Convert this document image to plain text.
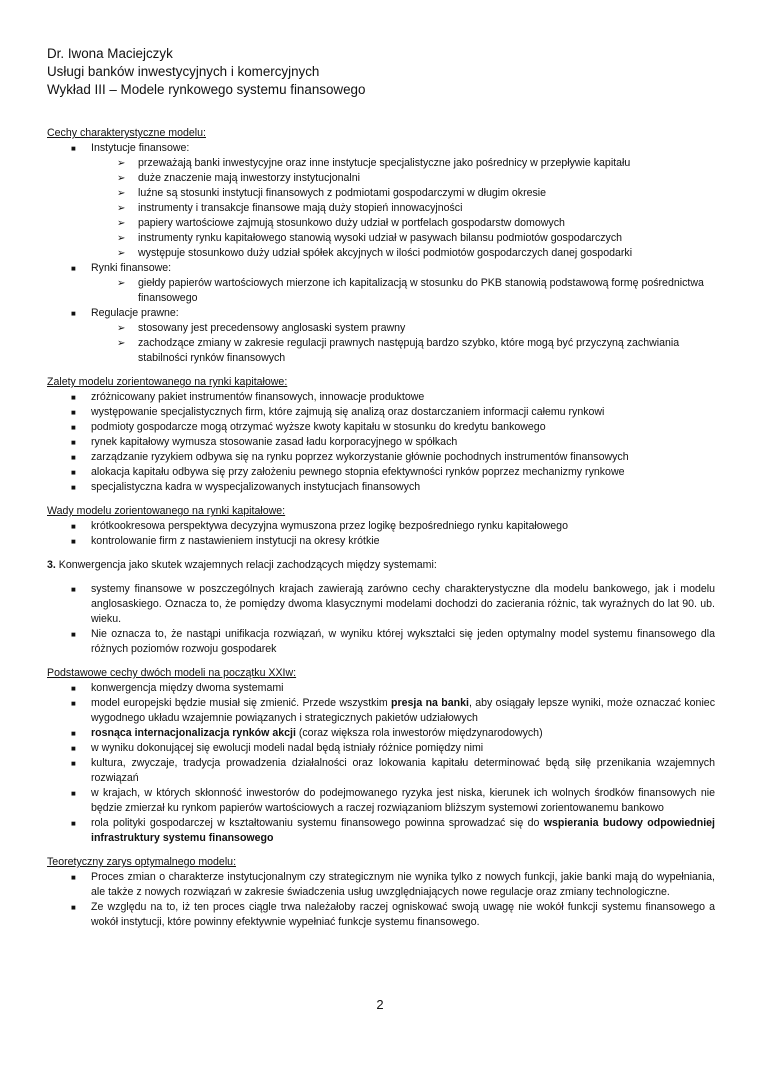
Dr. Iwona Maciejczyk
Usługi banków inwestycyjnych i komercyjnych
Wykład III – Modele rynkowego systemu finansowego
Cechy charakterystyczne modelu:
■ Instytucje finansowe:
➢ przeważają banki inwestycyjne oraz inne instytucje specjalistyczne jako pośrednicy w przepływie kapitału
➢ duże znaczenie mają inwestorzy instytucjonalni
➢ luźne są stosunki instytucji finansowych z podmiotami gospodarczymi w długim okresie
➢ instrumenty i transakcje finansowe mają duży stopień innowacyjności
➢ papiery wartościowe zajmują stosunkowo duży udział w portfelach gospodarstw domowych
➢ instrumenty rynku kapitałowego stanowią wysoki udział w pasywach bilansu podmiotów gospodarczych
➢ występuje stosunkowo duży udział spółek akcyjnych w ilości podmiotów gospodarczych danej gospodarki
■ Rynki finansowe:
➢ giełdy papierów wartościowych mierzone ich kapitalizacją w stosunku do PKB stanowią podstawową formę pośrednictwa finansowego
■ Regulacje prawne:
➢ stosowany jest precedensowy anglosaski system prawny
➢ zachodzące zmiany w zakresie regulacji prawnych następują bardzo szybko, które mogą być przyczyną zachwiania stabilności rynków finansowych
Zalety modelu zorientowanego na rynki kapitałowe:
■ zróżnicowany pakiet instrumentów finansowych, innowacje produktowe
■ występowanie specjalistycznych firm, które zajmują się analizą oraz dostarczaniem informacji całemu rynkowi
■ podmioty gospodarcze mogą otrzymać wyższe kwoty kapitału w stosunku do kredytu bankowego
■ rynek kapitałowy wymusza stosowanie zasad ładu korporacyjnego w spółkach
■ zarządzanie ryzykiem odbywa się na rynku poprzez wykorzystanie głównie pochodnych instrumentów finansowych
■ alokacja kapitału odbywa się przy założeniu pewnego stopnia efektywności rynków poprzez mechanizmy rynkowe
■ specjalistyczna kadra w wyspecjalizowanych instytucjach finansowych
Wady modelu zorientowanego na rynki kapitałowe:
■ krótkookresowa perspektywa decyzyjna wymuszona przez logikę bezpośredniego rynku kapitałowego
■ kontrolowanie firm z nastawieniem instytucji na okresy krótkie
3. Konwergencja jako skutek wzajemnych relacji zachodzących między systemami:
■ systemy finansowe w poszczególnych krajach zawierają zarówno cechy charakterystyczne dla modelu bankowego, jak i modelu anglosaskiego. Oznacza to, że pomiędzy dwoma klasycznymi modelami dochodzi do zacierania różnic, tak wyraźnych do lat 90. ub. wieku.
■ Nie oznacza to, że nastąpi unifikacja rozwiązań, w wyniku której wykształci się jeden optymalny model systemu finansowego dla różnych poziomów rozwoju gospodarek
Podstawowe cechy dwóch modeli na początku XXIw:
■ konwergencja między dwoma systemami
■ model europejski będzie musiał się zmienić. Przede wszystkim presja na banki, aby osiągały lepsze wyniki, może oznaczać koniec wygodnego układu wzajemnie powiązanych i strategicznych pakietów udziałowych
■ rosnąca internacjonalizacja rynków akcji (coraz większa rola inwestorów międzynarodowych)
■ w wyniku dokonującej się ewolucji modeli nadal będą istniały różnice pomiędzy nimi
■ kultura, zwyczaje, tradycja prowadzenia działalności oraz lokowania kapitału determinować będą siłę przenikania wzajemnych rozwiązań
■ w krajach, w których skłonność inwestorów do podejmowanego ryzyka jest niska, kierunek ich wolnych środków finansowych nie będzie zmierzał ku rynkom papierów wartościowych a raczej rozwiązaniom bliższym systemowi zorientowanemu bankowo
■ rola polityki gospodarczej w kształtowaniu systemu finansowego powinna sprowadzać się do wspierania budowy odpowiedniej infrastruktury systemu finansowego
Teoretyczny zarys optymalnego modelu:
■ Proces zmian o charakterze instytucjonalnym czy strategicznym nie wynika tylko z nowych funkcji, jakie banki mają do wypełniania, ale także z nowych rozwiązań w zakresie świadczenia usług uwzględniających nowe regulacje oraz zmiany technologiczne.
■ Ze względu na to, iż ten proces ciągle trwa należałoby raczej ogniskować swoją uwagę nie wokół funkcji systemu finansowego a wokół instytucji, które powinny efektywnie wypełniać funkcje systemu finansowego.
2
